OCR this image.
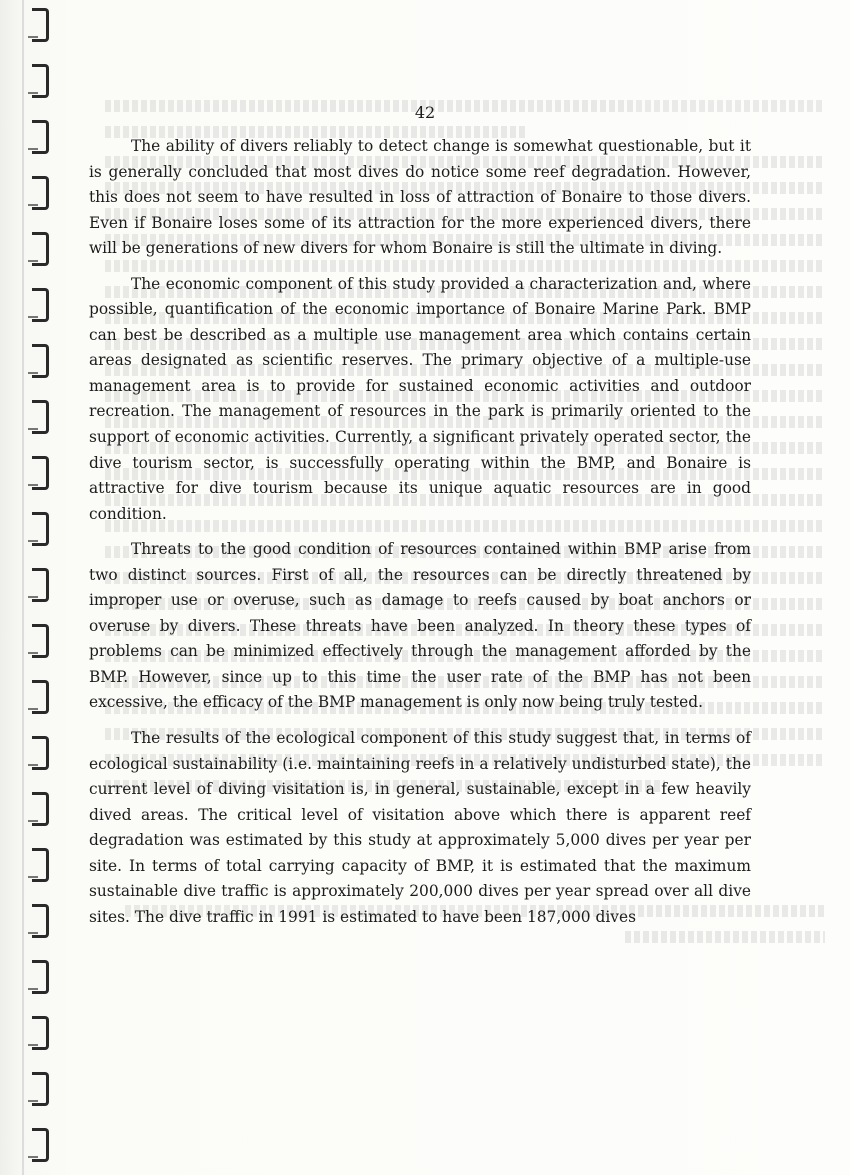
42

The ability of divers reliably to detect change is somewhat questionable, but it is generally concluded that most dives do notice some reef degradation. However, this does not seem to have resulted in loss of attraction of Bonaire to those divers. Even if Bonaire loses some of its attraction for the more experienced divers, there will be generations of new divers for whom Bonaire is still the ultimate in diving.

The economic component of this study provided a characterization and, where possible, quantification of the economic importance of Bonaire Marine Park. BMP can best be described as a multiple use management area which contains certain areas designated as scientific reserves. The primary objective of a multiple-use management area is to provide for sustained economic activities and outdoor recreation. The management of resources in the park is primarily oriented to the support of economic activities. Currently, a significant privately operated sector, the dive tourism sector, is successfully operating within the BMP, and Bonaire is attractive for dive tourism because its unique aquatic resources are in good condition.

Threats to the good condition of resources contained within BMP arise from two distinct sources. First of all, the resources can be directly threatened by improper use or overuse, such as damage to reefs caused by boat anchors or overuse by divers. These threats have been analyzed. In theory these types of problems can be minimized effectively through the management afforded by the BMP. However, since up to this time the user rate of the BMP has not been excessive, the efficacy of the BMP management is only now being truly tested.

The results of the ecological component of this study suggest that, in terms of ecological sustainability (i.e. maintaining reefs in a relatively undisturbed state), the current level of diving visitation is, in general, sustainable, except in a few heavily dived areas. The critical level of visitation above which there is apparent reef degradation was estimated by this study at approximately 5,000 dives per year per site. In terms of total carrying capacity of BMP, it is estimated that the maximum sustainable dive traffic is approximately 200,000 dives per year spread over all dive sites. The dive traffic in 1991 is estimated to have been 187,000 dives
